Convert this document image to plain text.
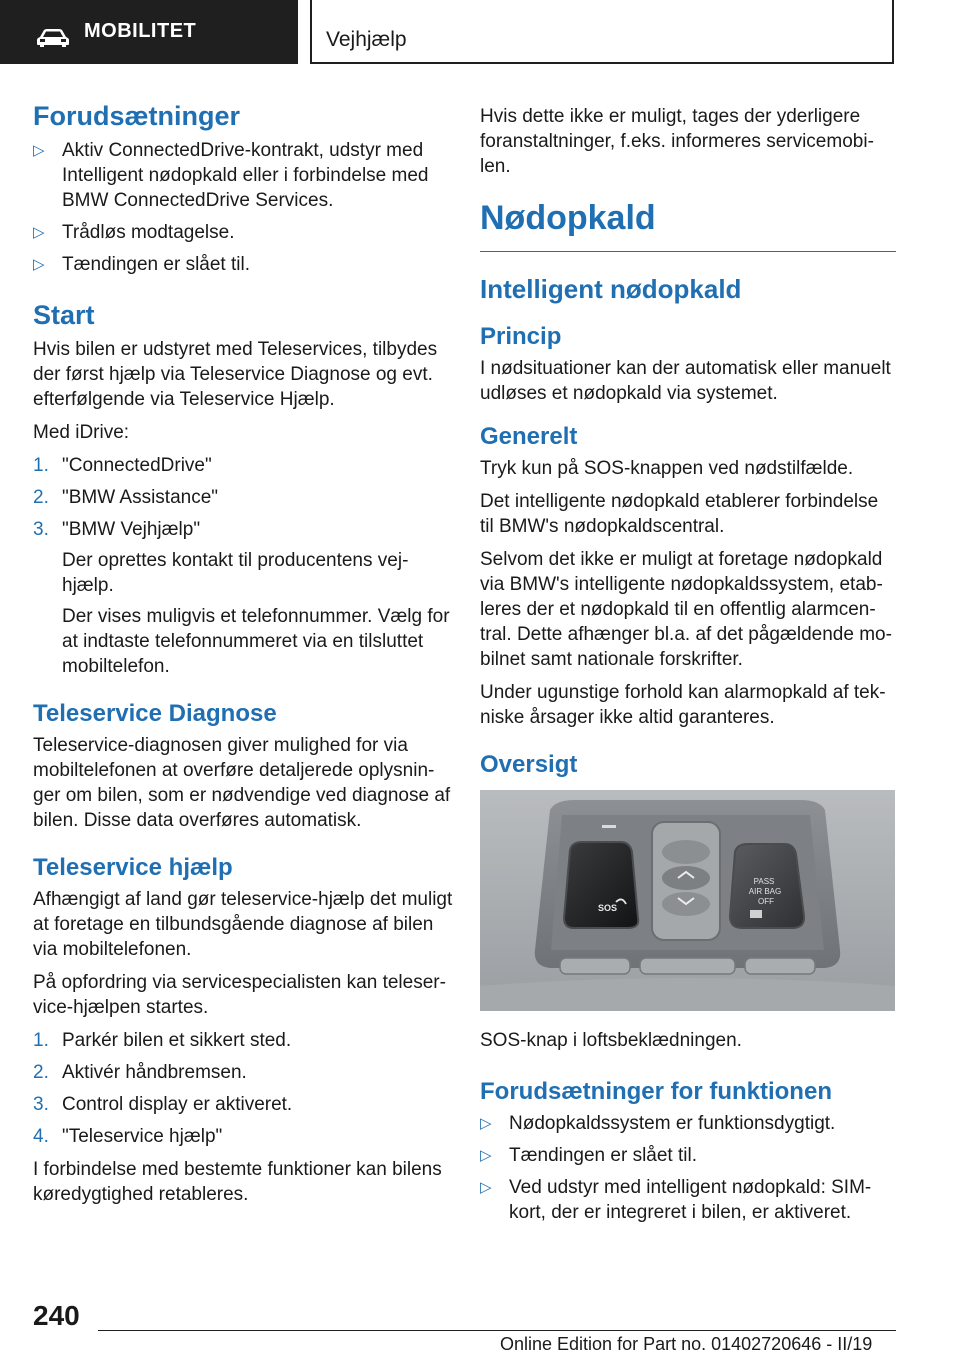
MOBILITET	Vejhjælp
Forudsætninger
▷ Aktiv ConnectedDrive-kontrakt, udstyr med Intelligent nødopkald eller i forbindelse med BMW ConnectedDrive Services.
▷ Trådløs modtagelse.
▷ Tændingen er slået til.
Start

Hvis bilen er udstyret med Teleservices, tilbydes der først hjælp via Teleservice Diagnose og evt. efterfølgende via Teleservice Hjælp.

Med iDrive:

1. "ConnectedDrive"
2. "BMW Assistance"
3. "BMW Vejhjælp"
Der oprettes kontakt til producentens vejhjælp.
Der vises muligvis et telefonnummer. Vælg for at indtaste telefonnummeret via en tilsluttet mobiltelefon.
Teleservice Diagnose

Teleservice-diagnosen giver mulighed for via mobiltelefonen at overføre detaljerede oplysninger om bilen, som er nødvendige ved diagnose af bilen. Disse data overføres automatisk.

Teleservice hjælp

Afhængigt af land gør teleservice-hjælp det muligt at foretage en tilbundsgående diagnose af bilen via mobiltelefonen.

På opfordring via servicespecialisten kan teleservice-hjælpen startes.

1. Parkér bilen et sikkert sted.
2. Aktivér håndbremsen.
3. Control display er aktiveret.
4. "Teleservice hjælp"

I forbindelse med bestemte funktioner kan bilens køredygtighed retableres.

Hvis dette ikke er muligt, tages der yderligere foranstaltninger, f.eks. informeres servicemobilen.

Nødopkald
Intelligent nødopkald
Princip

I nødsituationer kan der automatisk eller manuelt udløses et nødopkald via systemet.

Generelt

Tryk kun på SOS-knappen ved nødstilfælde.

Det intelligente nødopkald etablerer forbindelse til BMW's nødopkaldscentral.

Selvom det ikke er muligt at foretage nødopkald via BMW's intelligente nødopkaldssystem, etableres der et nødopkald til en offentlig alarmcentral. Dette afhænger bl.a. af det pågældende mobilnet samt nationale forskrifter.

Under ugunstige forhold kan alarmopkald af tekniske årsager ikke altid garanteres.

Oversigt
SOS
PASS
AIR BAG
OFF

SOS-knap i loftsbeklædningen.

Forudsætninger for funktionen
▷ Nødopkaldssystem er funktionsdygtigt.
▷ Tændingen er slået til.
▷ Ved udstyr med intelligent nødopkald: SIM-kort, der er integreret i bilen, er aktiveret.
240
Online Edition for Part no. 01402720646 - II/19
